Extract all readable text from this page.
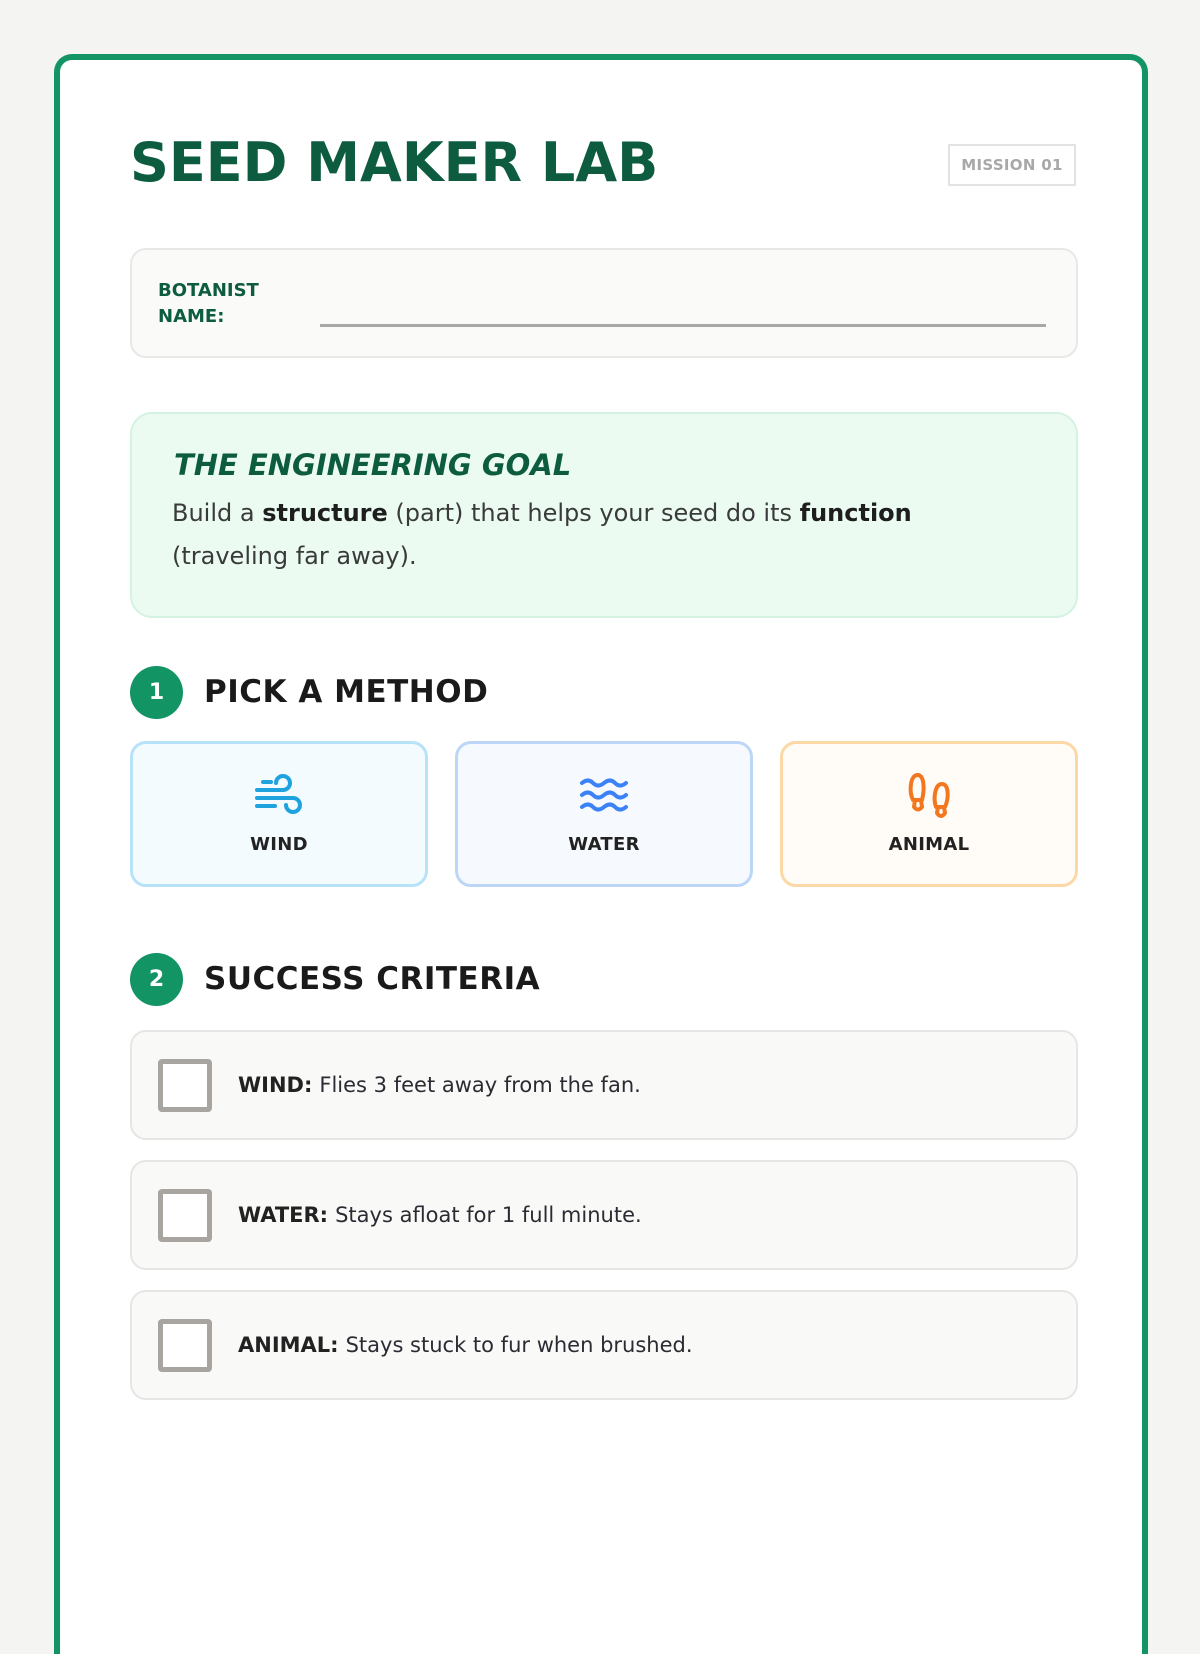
SEED MAKER LAB	MISSION 01
BOTANIST NAME:
THE ENGINEERING GOAL
Build a structure (part) that helps your seed do its function (traveling far away).
1	PICK A METHOD
WIND	WATER	ANIMAL
2	SUCCESS CRITERIA
WIND: Flies 3 feet away from the fan.
WATER: Stays afloat for 1 full minute.
ANIMAL: Stays stuck to fur when brushed.
